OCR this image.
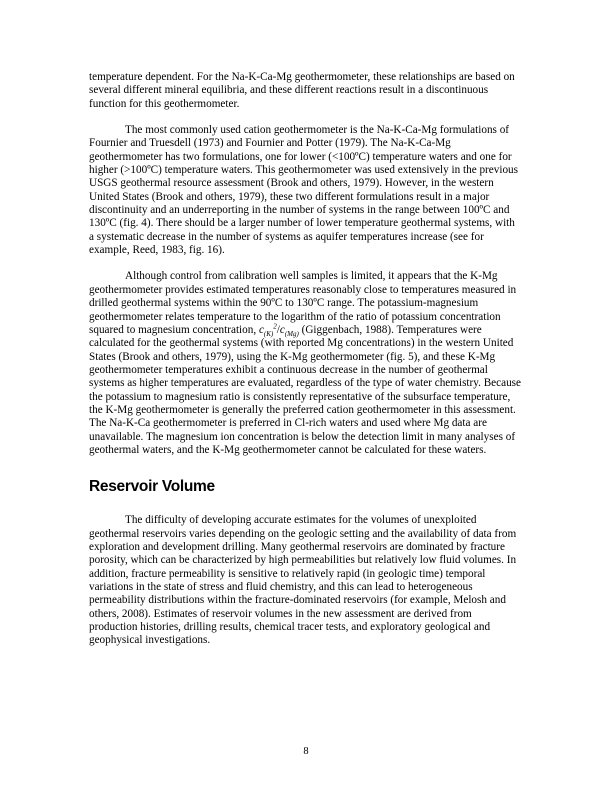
temperature dependent. For the Na-K-Ca-Mg geothermometer, these relationships are based on several different mineral equilibria, and these different reactions result in a discontinuous function for this geothermometer.

The most commonly used cation geothermometer is the Na-K-Ca-Mg formulations of Fournier and Truesdell (1973) and Fournier and Potter (1979). The Na-K-Ca-Mg geothermometer has two formulations, one for lower (<100ºC) temperature waters and one for higher (>100ºC) temperature waters. This geothermometer was used extensively in the previous USGS geothermal resource assessment (Brook and others, 1979). However, in the western United States (Brook and others, 1979), these two different formulations result in a major discontinuity and an underreporting in the number of systems in the range between 100ºC and 130ºC (fig. 4). There should be a larger number of lower temperature geothermal systems, with a systematic decrease in the number of systems as aquifer temperatures increase (see for example, Reed, 1983, fig. 16).

Although control from calibration well samples is limited, it appears that the K-Mg geothermometer provides estimated temperatures reasonably close to temperatures measured in drilled geothermal systems within the 90ºC to 130ºC range. The potassium-magnesium geothermometer relates temperature to the logarithm of the ratio of potassium concentration squared to magnesium concentration, $c_{(K)}^2/c_{(Mg)}$ (Giggenbach, 1988). Temperatures were calculated for the geothermal systems (with reported Mg concentrations) in the western United States (Brook and others, 1979), using the K-Mg geothermometer (fig. 5), and these K-Mg geothermometer temperatures exhibit a continuous decrease in the number of geothermal systems as higher temperatures are evaluated, regardless of the type of water chemistry. Because the potassium to magnesium ratio is consistently representative of the subsurface temperature, the K-Mg geothermometer is generally the preferred cation geothermometer in this assessment. The Na-K-Ca geothermometer is preferred in Cl-rich waters and used where Mg data are unavailable. The magnesium ion concentration is below the detection limit in many analyses of geothermal waters, and the K-Mg geothermometer cannot be calculated for these waters.

Reservoir Volume

The difficulty of developing accurate estimates for the volumes of unexploited geothermal reservoirs varies depending on the geologic setting and the availability of data from exploration and development drilling. Many geothermal reservoirs are dominated by fracture porosity, which can be characterized by high permeabilities but relatively low fluid volumes. In addition, fracture permeability is sensitive to relatively rapid (in geologic time) temporal variations in the state of stress and fluid chemistry, and this can lead to heterogeneous permeability distributions within the fracture-dominated reservoirs (for example, Melosh and others, 2008). Estimates of reservoir volumes in the new assessment are derived from production histories, drilling results, chemical tracer tests, and exploratory geological and geophysical investigations.

8
